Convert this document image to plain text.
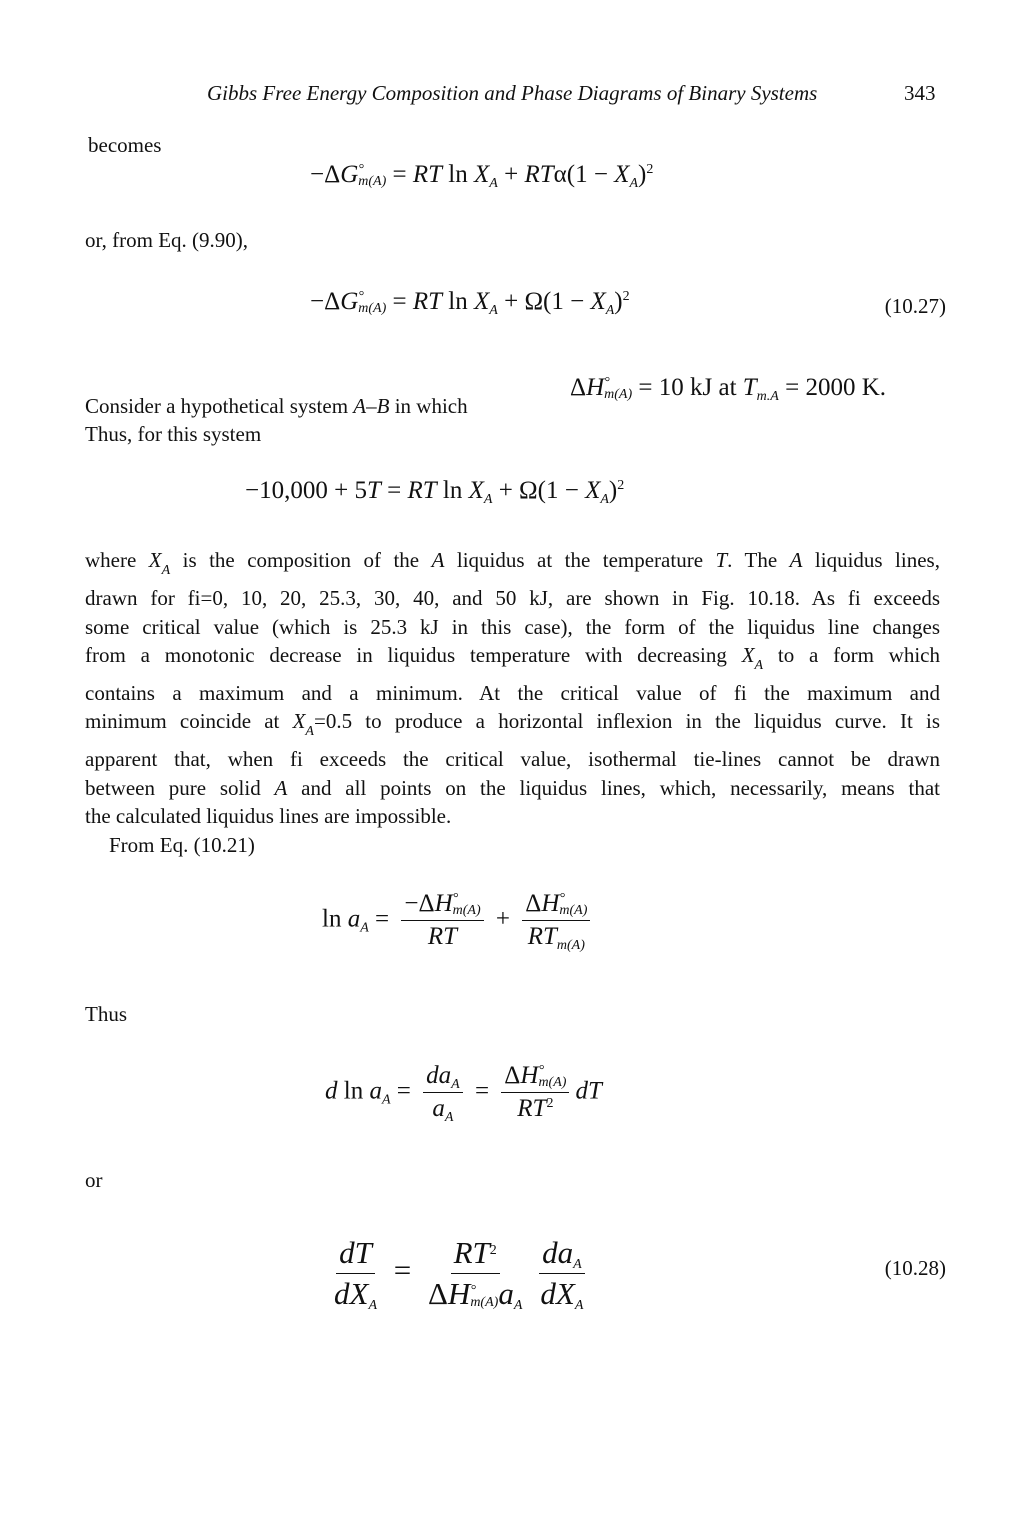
Gibbs Free Energy Composition and Phase Diagrams of Binary Systems	343
becomes
−ΔG °
m(A) = RT $\ln X_A + RT\alpha(1 - X_A)^2$
or, from Eq. (9.90),
−ΔG °
m(A) = RT $\ln X_A + \Omega(1 - X_A)^2$	(10.27)
ΔH °
m(A) = 10 kJ at $T_{m.A} = 2000$ K.
Consider a hypothetical system A–B in which
Thus, for this system
−10,000 + 5T = RT $\ln X_A + \Omega(1 - X_A)^2$
where $X_A$ is the composition of the A liquidus at the temperature T. The A liquidus lines,
drawn for fi=0, 10, 20, 25.3, 30, 40, and 50 kJ, are shown in Fig. 10.18. As fi exceeds
some critical value (which is 25.3 kJ in this case), the form of the liquidus line changes
from a monotonic decrease in liquidus temperature with decreasing $X_A$ to a form which
contains a maximum and a minimum. At the critical value of fi the maximum and
minimum coincide at $X_A=0.5$ to produce a horizontal inflexion in the liquidus curve. It is
apparent that, when fi exceeds the critical value, isothermal tie-lines cannot be drawn
between pure solid A and all points on the liquidus lines, which, necessarily, means that
the calculated liquidus lines are impossible.
From Eq. (10.21)
$\ln a_A = -\Delta H$ °
m(A)
RT + ΔH °
m(A)
$RT_{m(A)}$
Thus
d $\ln a_A = \frac{da_A}{a_A} = \Delta H$ °
m(A)
$RT^2$ dT
or
$\frac{dT}{dX_A} = RT^2$
ΔH °
m(A) $a_A \frac{da_A}{dX_A}$	(10.28)
